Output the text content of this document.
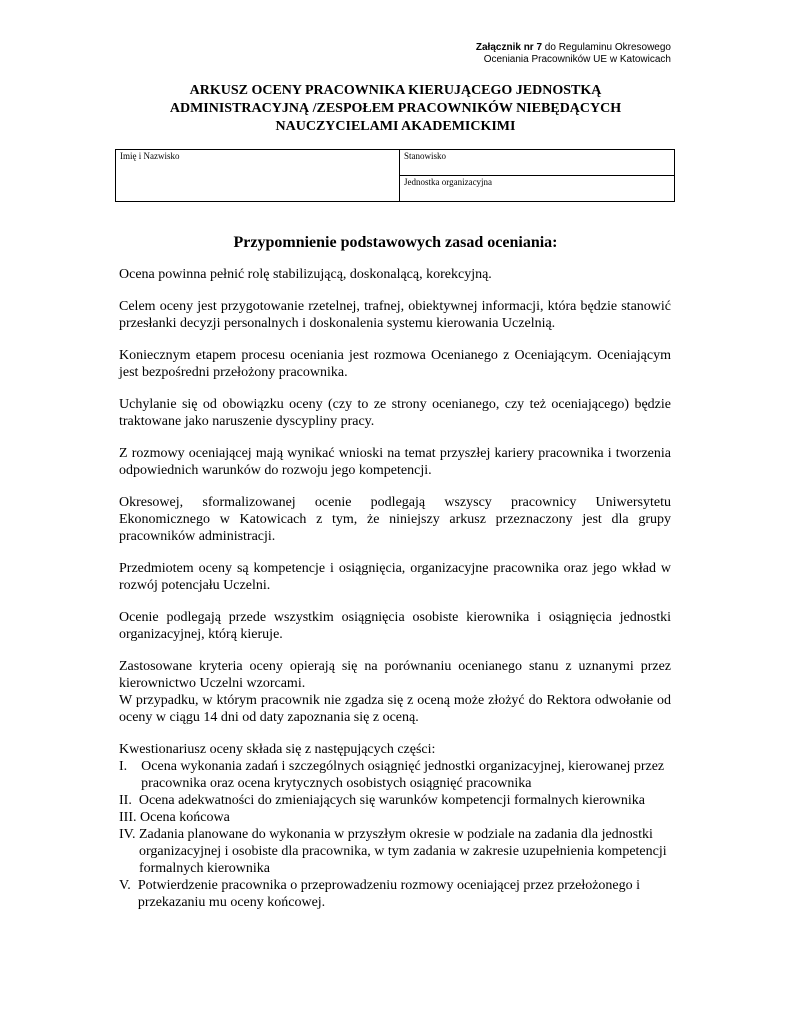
Załącznik nr 7 do Regulaminu Okresowego
Oceniania Pracowników UE w Katowicach
ARKUSZ OCENY PRACOWNIKA KIERUJĄCEGO JEDNOSTKĄ
ADMINISTRACYJNĄ /ZESPOŁEM PRACOWNIKÓW NIEBĘDĄCYCH
NAUCZYCIELAMI AKADEMICKIMI
Imię i Nazwisko	Stanowisko
Jednostka organizacyjna
Przypomnienie podstawowych zasad oceniania:

Ocena powinna pełnić rolę stabilizującą, doskonalącą, korekcyjną.

Celem oceny jest przygotowanie rzetelnej, trafnej, obiektywnej informacji, która będzie stanowić przesłanki decyzji personalnych i doskonalenia systemu kierowania Uczelnią.

Koniecznym etapem procesu oceniania jest rozmowa Ocenianego z Oceniającym. Oceniającym jest bezpośredni przełożony pracownika.

Uchylanie się od obowiązku oceny (czy to ze strony ocenianego, czy też oceniającego) będzie traktowane jako naruszenie dyscypliny pracy.

Z rozmowy oceniającej mają wynikać wnioski na temat przyszłej kariery pracownika i tworzenia odpowiednich warunków do rozwoju jego kompetencji.

Okresowej, sformalizowanej ocenie podlegają wszyscy pracownicy Uniwersytetu Ekonomicznego w Katowicach z tym, że niniejszy arkusz przeznaczony jest dla grupy pracowników administracji.

Przedmiotem oceny są kompetencje i osiągnięcia, organizacyjne pracownika oraz jego wkład w rozwój potencjału Uczelni.

Ocenie podlegają przede wszystkim osiągnięcia osobiste kierownika i osiągnięcia jednostki organizacyjnej, którą kieruje.

Zastosowane kryteria oceny opierają się na porównaniu ocenianego stanu z uznanymi przez kierownictwo Uczelni wzorcami.

W przypadku, w którym pracownik nie zgadza się z oceną może złożyć do Rektora odwołanie od oceny w ciągu 14 dni od daty zapoznania się z oceną.

Kwestionariusz oceny składa się z następujących części:
I. Ocena wykonania zadań i szczególnych osiągnięć jednostki organizacyjnej, kierowanej przez pracownika oraz ocena krytycznych osobistych osiągnięć pracownika
II. Ocena adekwatności do zmieniających się warunków kompetencji formalnych kierownika
III. Ocena końcowa
IV. Zadania planowane do wykonania w przyszłym okresie w podziale na zadania dla jednostki organizacyjnej i osobiste dla pracownika, w tym zadania w zakresie uzupełnienia kompetencji formalnych kierownika
V. Potwierdzenie pracownika o przeprowadzeniu rozmowy oceniającej przez przełożonego i przekazaniu mu oceny końcowej.
